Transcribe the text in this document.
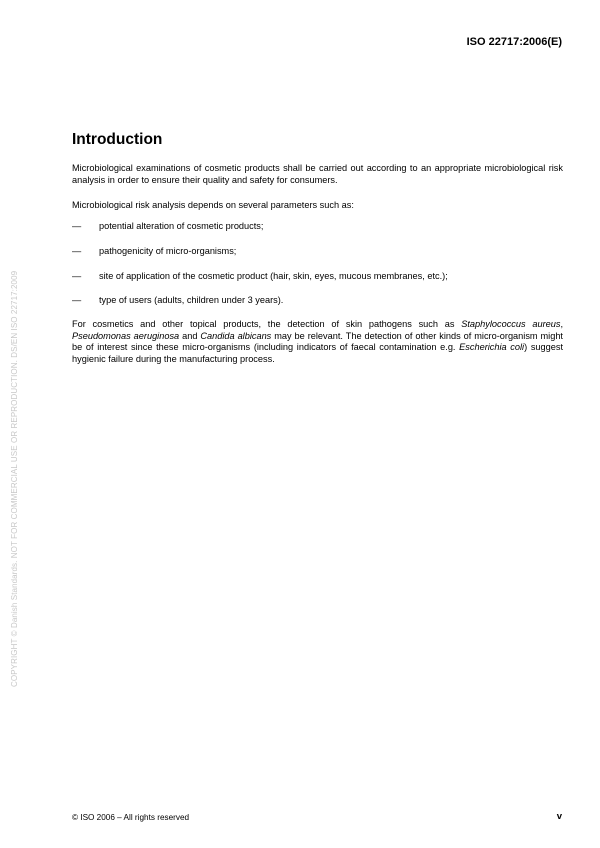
ISO 22717:2006(E)
Introduction

Microbiological examinations of cosmetic products shall be carried out according to an appropriate microbiological risk analysis in order to ensure their quality and safety for consumers.

Microbiological risk analysis depends on several parameters such as:

— potential alteration of cosmetic products;
— pathogenicity of micro-organisms;
— site of application of the cosmetic product (hair, skin, eyes, mucous membranes, etc.);
— type of users (adults, children under 3 years).

For cosmetics and other topical products, the detection of skin pathogens such as Staphylococcus aureus, Pseudomonas aeruginosa and Candida albicans may be relevant. The detection of other kinds of micro-organism might be of interest since these micro-organisms (including indicators of faecal contamination e.g. Escherichia coli) suggest hygienic failure during the manufacturing process.

COPYRIGHT © Danish Standards. NOT FOR COMMERCIAL USE OR REPRODUCTION. DS/EN ISO 22717:2009
© ISO 2006 – All rights reserved	v
